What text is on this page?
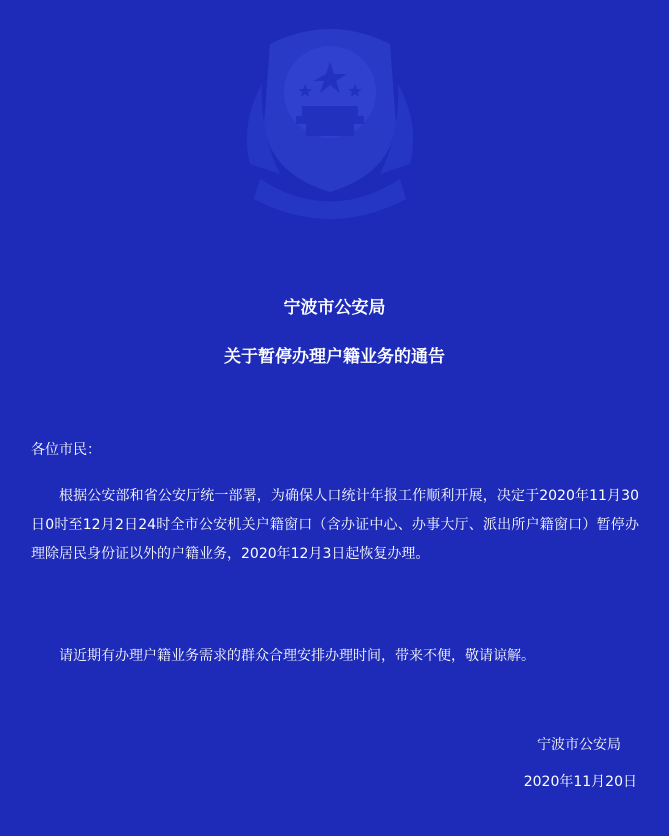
宁波市公安局
关于暂停办理户籍业务的通告
各位市民：
根据公安部和省公安厅统一部署，为确保人口统计年报工作顺利开展，决定于2020年11月30日0时至12月2日24时全市公安机关户籍窗口（含办证中心、办事大厅、派出所户籍窗口）暂停办理除居民身份证以外的户籍业务，2020年12月3日起恢复办理。
请近期有办理户籍业务需求的群众合理安排办理时间，带来不便，敬请谅解。
宁波市公安局
2020年11月20日
